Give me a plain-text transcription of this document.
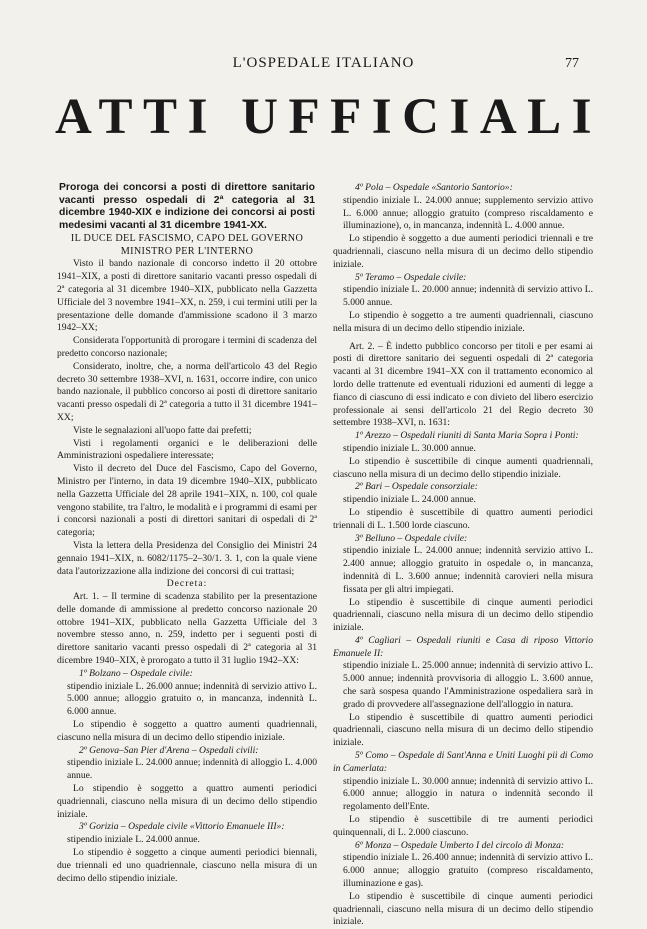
L'OSPEDALE ITALIANO	77
ATTI UFFICIALI

Proroga dei concorsi a posti di direttore sanitario vacanti presso ospedali di 2ª categoria al 31 dicembre 1940-XIX e indizione dei concorsi ai posti medesimi vacanti al 31 dicembre 1941-XX.

IL DUCE DEL FASCISMO, CAPO DEL GOVERNO MINISTRO PER L'INTERNO

Visto il bando nazionale di concorso indetto il 20 ottobre 1941–XIX, a posti di direttore sanitario vacanti presso ospedali di 2ª categoria al 31 dicembre 1940–XIX, pubblicato nella Gazzetta Ufficiale del 3 novembre 1941–XX, n. 259, i cui termini utili per la presentazione delle domande d'ammissione scadono il 3 marzo 1942–XX;

Considerata l'opportunità di prorogare i termini di scadenza del predetto concorso nazionale;

Considerato, inoltre, che, a norma dell'articolo 43 del Regio decreto 30 settembre 1938–XVI, n. 1631, occorre indire, con unico bando nazionale, il pubblico concorso ai posti di direttore sanitario vacanti presso ospedali di 2ª categoria a tutto il 31 dicembre 1941–XX;

Viste le segnalazioni all'uopo fatte dai prefetti;

Visti i regolamenti organici e le deliberazioni delle Amministrazioni ospedaliere interessate;

Visto il decreto del Duce del Fascismo, Capo del Governo, Ministro per l'interno, in data 19 dicembre 1940–XIX, pubblicato nella Gazzetta Ufficiale del 28 aprile 1941–XIX, n. 100, col quale vengono stabilite, tra l'altro, le modalità e i programmi di esami per i concorsi nazionali a posti di direttori sanitari di ospedali di 2ª categoria;

Vista la lettera della Presidenza del Consiglio dei Ministri 24 gennaio 1941–XIX, n. 6082/1175–2–30/1. 3. 1, con la quale viene data l'autorizzazione alla indizione dei concorsi di cui trattasi;

Decreta:

Art. 1. – Il termine di scadenza stabilito per la presentazione delle domande di ammissione al predetto concorso nazionale 20 ottobre 1941–XIX, pubblicato nella Gazzetta Ufficiale del 3 novembre stesso anno, n. 259, indetto per i seguenti posti di direttore sanitario vacanti presso ospedali di 2ª categoria al 31 dicembre 1940–XIX, è prorogato a tutto il 31 luglio 1942–XX:

1º Bolzano – Ospedale civile:

stipendio iniziale L. 26.000 annue; indennità di servizio attivo L. 5.000 annue; alloggio gratuito o, in mancanza, indennità L. 6.000 annue.

Lo stipendio è soggetto a quattro aumenti quadriennali, ciascuno nella misura di un decimo dello stipendio iniziale.

2º Genova–San Pier d'Arena – Ospedali civili:

stipendio iniziale L. 24.000 annue; indennità di alloggio L. 4.000 annue.

Lo stipendio è soggetto a quattro aumenti periodici quadriennali, ciascuno nella misura di un decimo dello stipendio iniziale.

3º Gorizia – Ospedale civile «Vittorio Emanuele III»:

stipendio iniziale L. 24.000 annue.

Lo stipendio è soggetto a cinque aumenti periodici biennali, due triennali ed uno quadriennale, ciascuno nella misura di un decimo dello stipendio iniziale.

4º Pola – Ospedale «Santorio Santorio»:

stipendio iniziale L. 24.000 annue; supplemento servizio attivo L. 6.000 annue; alloggio gratuito (compreso riscaldamento e illuminazione), o, in mancanza, indennità L. 4.000 annue.

Lo stipendio è soggetto a due aumenti periodici triennali e tre quadriennali, ciascuno nella misura di un decimo dello stipendio iniziale.

5º Teramo – Ospedale civile:

stipendio iniziale L. 20.000 annue; indennità di servizio attivo L. 5.000 annue.

Lo stipendio è soggetto a tre aumenti quadriennali, ciascuno nella misura di un decimo dello stipendio iniziale.

Art. 2. – È indetto pubblico concorso per titoli e per esami ai posti di direttore sanitario dei seguenti ospedali di 2ª categoria vacanti al 31 dicembre 1941–XX con il trattamento economico al lordo delle trattenute ed eventuali riduzioni ed aumenti di legge a fianco di ciascuno di essi indicato e con divieto del libero esercizio professionale ai sensi dell'articolo 21 del Regio decreto 30 settembre 1938–XVI, n. 1631:

1º Arezzo – Ospedali riuniti di Santa Maria Sopra i Ponti:

stipendio iniziale L. 30.000 annue.

Lo stipendio è suscettibile di cinque aumenti quadriennali, ciascuno nella misura di un decimo dello stipendio iniziale.

2º Bari – Ospedale consorziale:

stipendio iniziale L. 24.000 annue.

Lo stipendio è suscettibile di quattro aumenti periodici triennali di L. 1.500 lorde ciascuno.

3º Belluno – Ospedale civile:

stipendio iniziale L. 24.000 annue; indennità servizio attivo L. 2.400 annue; alloggio gratuito in ospedale o, in mancanza, indennità di L. 3.600 annue; indennità carovieri nella misura fissata per gli altri impiegati.

Lo stipendio è suscettibile di cinque aumenti periodici quadriennali, ciascuno nella misura di un decimo dello stipendio iniziale.

4º Cagliari – Ospedali riuniti e Casa di riposo Vittorio Emanuele II:

stipendio iniziale L. 25.000 annue; indennità di servizio attivo L. 5.000 annue; indennità provvisoria di alloggio L. 3.600 annue, che sarà sospesa quando l'Amministrazione ospedaliera sarà in grado di provvedere all'assegnazione dell'alloggio in natura.

Lo stipendio è suscettibile di quattro aumenti periodici quadriennali, ciascuno nella misura di un decimo dello stipendio iniziale.

5º Como – Ospedale di Sant'Anna e Uniti Luoghi pii di Como in Camerlata:

stipendio iniziale L. 30.000 annue; indennità di servizio attivo L. 6.000 annue; alloggio in natura o indennità secondo il regolamento dell'Ente.

Lo stipendio è suscettibile di tre aumenti periodici quinquennali, di L. 2.000 ciascuno.

6º Monza – Ospedale Umberto I del circolo di Monza:

stipendio iniziale L. 26.400 annue; indennità di servizio attivo L. 6.000 annue; alloggio gratuito (compreso riscaldamento, illuminazione e gas).

Lo stipendio è suscettibile di cinque aumenti periodici quadriennali, ciascuno nella misura di un decimo dello stipendio iniziale.
